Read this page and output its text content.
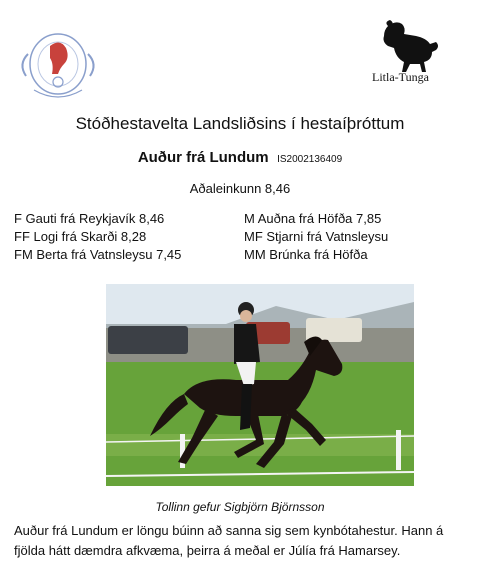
Litla-Tunga
Stóðhestavelta Landsliðsins í hestaíþróttum
Auður frá Lundum IS2002136409
Aðaleinkunn 8,46
F Gauti frá Reykjavík 8,46
FF Logi frá Skarði 8,28
FM Berta frá Vatnsleysu 7,45
M Auðna frá Höfða 7,85
MF Stjarni frá Vatnsleysu
MM Brúnka frá Höfða
Tollinn gefur Sigbjörn Björnsson
Auður frá Lundum er löngu búinn að sanna sig sem kynbótahestur. Hann á fjölda hátt dæmdra afkvæma, þeirra á meðal er Júlía frá Hamarsey.
